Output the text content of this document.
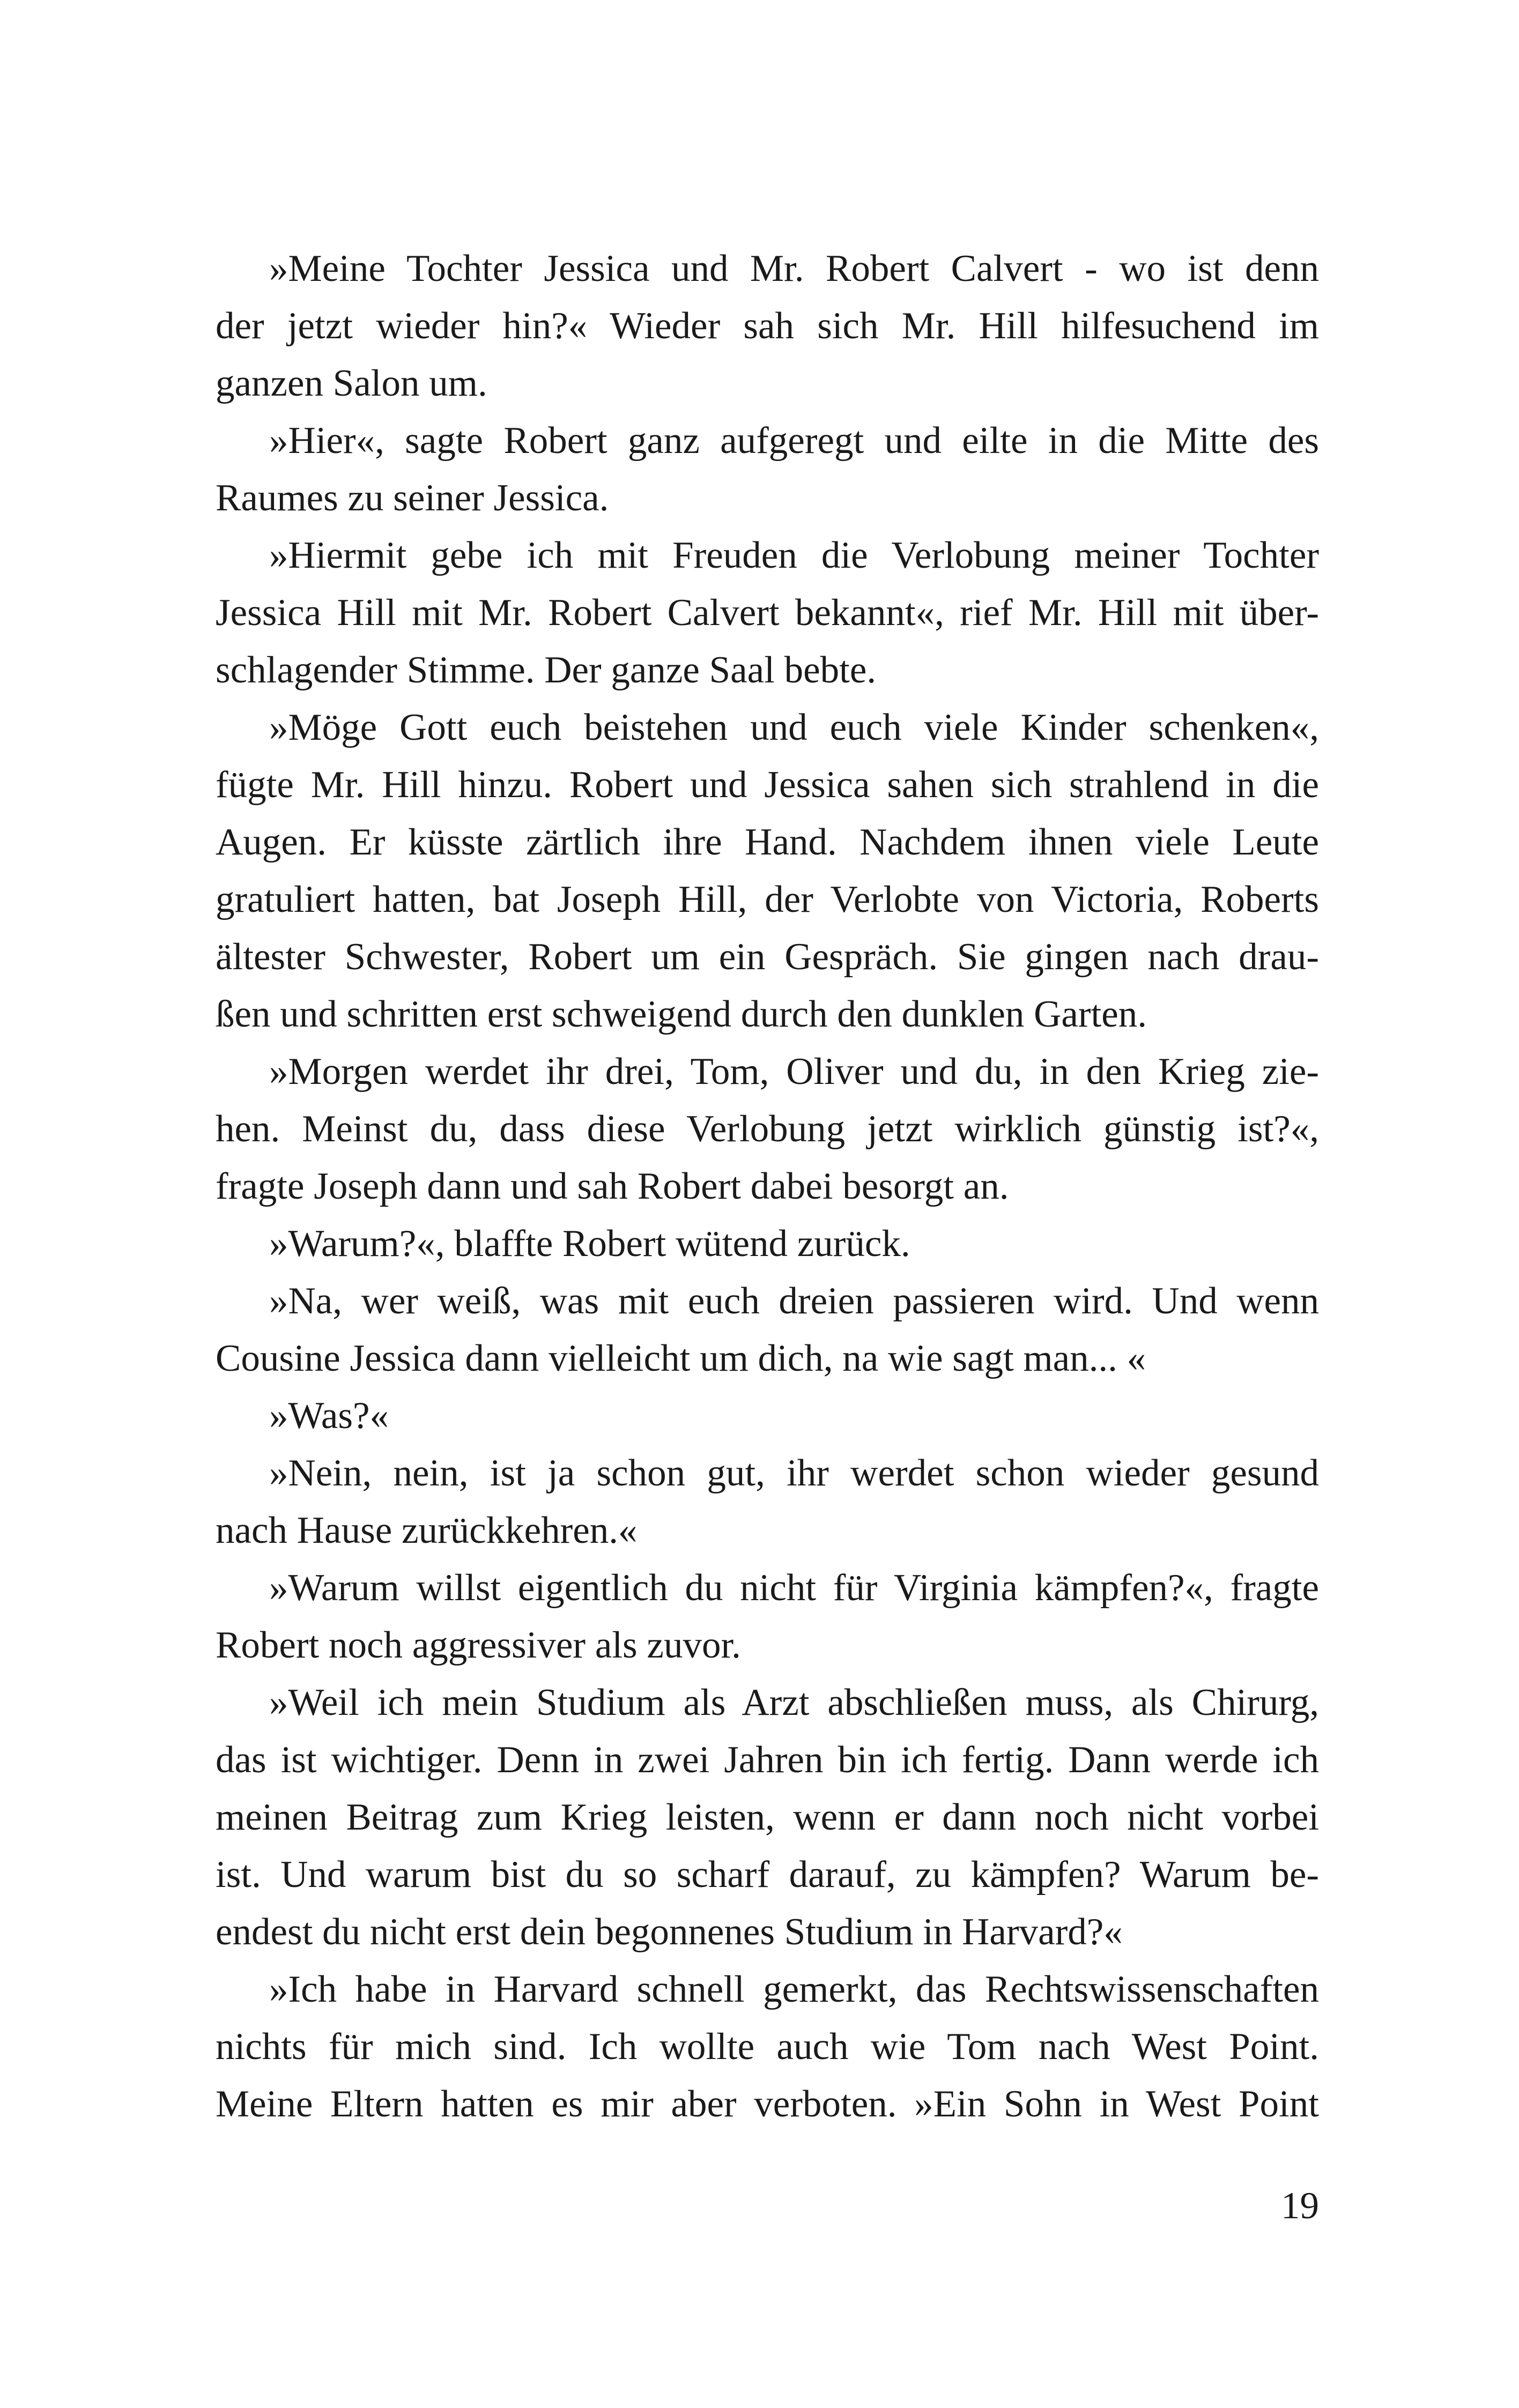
»Meine Tochter Jessica und Mr. Robert Calvert - wo ist denn
der jetzt wieder hin?« Wieder sah sich Mr. Hill hilfesuchend im
ganzen Salon um.
»Hier«, sagte Robert ganz aufgeregt und eilte in die Mitte des
Raumes zu seiner Jessica.
»Hiermit gebe ich mit Freuden die Verlobung meiner Tochter
Jessica Hill mit Mr. Robert Calvert bekannt«, rief Mr. Hill mit über-
schlagender Stimme. Der ganze Saal bebte.
»Möge Gott euch beistehen und euch viele Kinder schenken«,
fügte Mr. Hill hinzu. Robert und Jessica sahen sich strahlend in die
Augen. Er küsste zärtlich ihre Hand. Nachdem ihnen viele Leute
gratuliert hatten, bat Joseph Hill, der Verlobte von Victoria, Roberts
ältester Schwester, Robert um ein Gespräch. Sie gingen nach drau-
ßen und schritten erst schweigend durch den dunklen Garten.
»Morgen werdet ihr drei, Tom, Oliver und du, in den Krieg zie-
hen. Meinst du, dass diese Verlobung jetzt wirklich günstig ist?«,
fragte Joseph dann und sah Robert dabei besorgt an.
»Warum?«, blaffte Robert wütend zurück.
»Na, wer weiß, was mit euch dreien passieren wird. Und wenn
Cousine Jessica dann vielleicht um dich, na wie sagt man... «
»Was?«
»Nein, nein, ist ja schon gut, ihr werdet schon wieder gesund
nach Hause zurückkehren.«
»Warum willst eigentlich du nicht für Virginia kämpfen?«, fragte
Robert noch aggressiver als zuvor.
»Weil ich mein Studium als Arzt abschließen muss, als Chirurg,
das ist wichtiger. Denn in zwei Jahren bin ich fertig. Dann werde ich
meinen Beitrag zum Krieg leisten, wenn er dann noch nicht vorbei
ist. Und warum bist du so scharf darauf, zu kämpfen? Warum be-
endest du nicht erst dein begonnenes Studium in Harvard?«
»Ich habe in Harvard schnell gemerkt, das Rechtswissenschaften
nichts für mich sind. Ich wollte auch wie Tom nach West Point.
Meine Eltern hatten es mir aber verboten. »Ein Sohn in West Point
19
